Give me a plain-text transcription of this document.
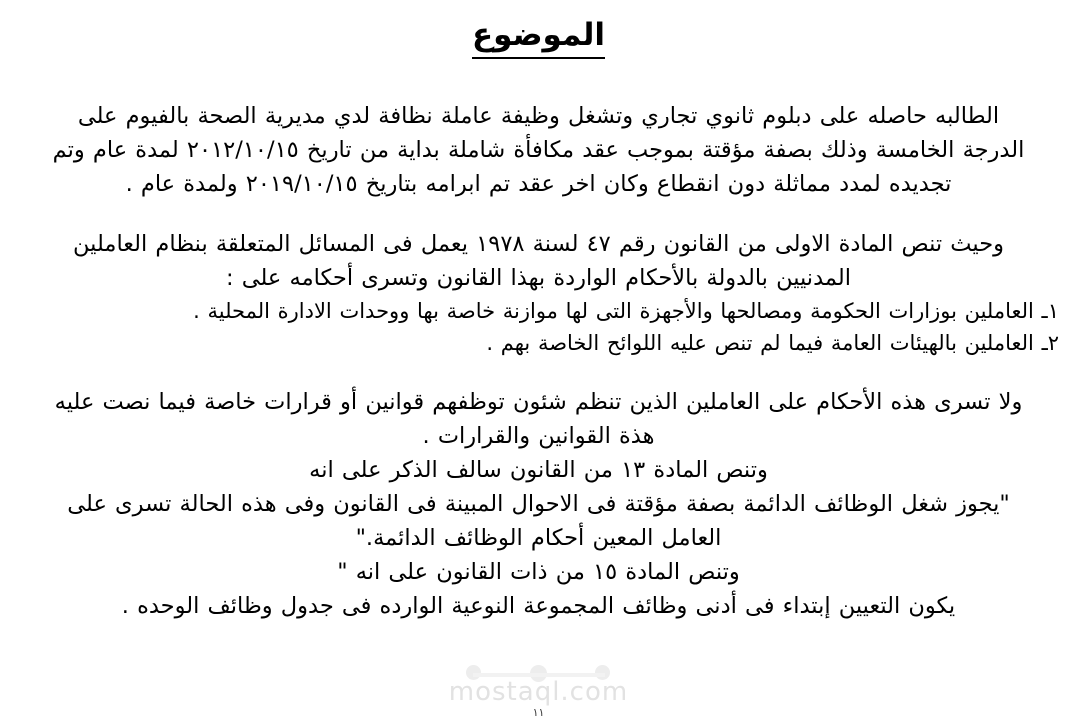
الموضوع
الطالبه حاصله على دبلوم ثانوي تجاري وتشغل وظيفة عاملة نظافة لدي مديرية الصحة بالفيوم على
الدرجة الخامسة وذلك بصفة مؤقتة بموجب عقد مكافأة شاملة بداية من تاريخ ٢٠١٢/١٠/١٥ لمدة عام وتم
تجديده لمدد مماثلة دون انقطاع وكان اخر عقد تم ابرامه بتاريخ ٢٠١٩/١٠/١٥ ولمدة عام .
وحيث تنص المادة الاولى من القانون رقم ٤٧ لسنة ١٩٧٨ يعمل فى المسائل المتعلقة بنظام العاملين
المدنيين بالدولة بالأحكام الواردة بهذا القانون وتسرى أحكامه على :
١ـ العاملين بوزارات الحكومة ومصالحها والأجهزة التى لها موازنة خاصة بها ووحدات الادارة المحلية .
٢ـ العاملين بالهيئات العامة فيما لم تنص عليه اللوائح الخاصة بهم .
ولا تسرى هذه الأحكام على العاملين الذين تنظم شئون توظفهم قوانين أو قرارات خاصة فيما نصت عليه
هذة القوانين والقرارات .
وتنص المادة ١٣ من القانون سالف الذكر على انه
"يجوز شغل الوظائف الدائمة بصفة مؤقتة فى الاحوال المبينة فى القانون وفى هذه الحالة تسرى على
العامل المعين أحكام الوظائف الدائمة."
وتنص المادة ١٥ من ذات القانون على انه "
يكون التعيين إبتداء فى أدنى وظائف المجموعة النوعية الوارده فى جدول وظائف الوحده .
mostaql.com
١١
